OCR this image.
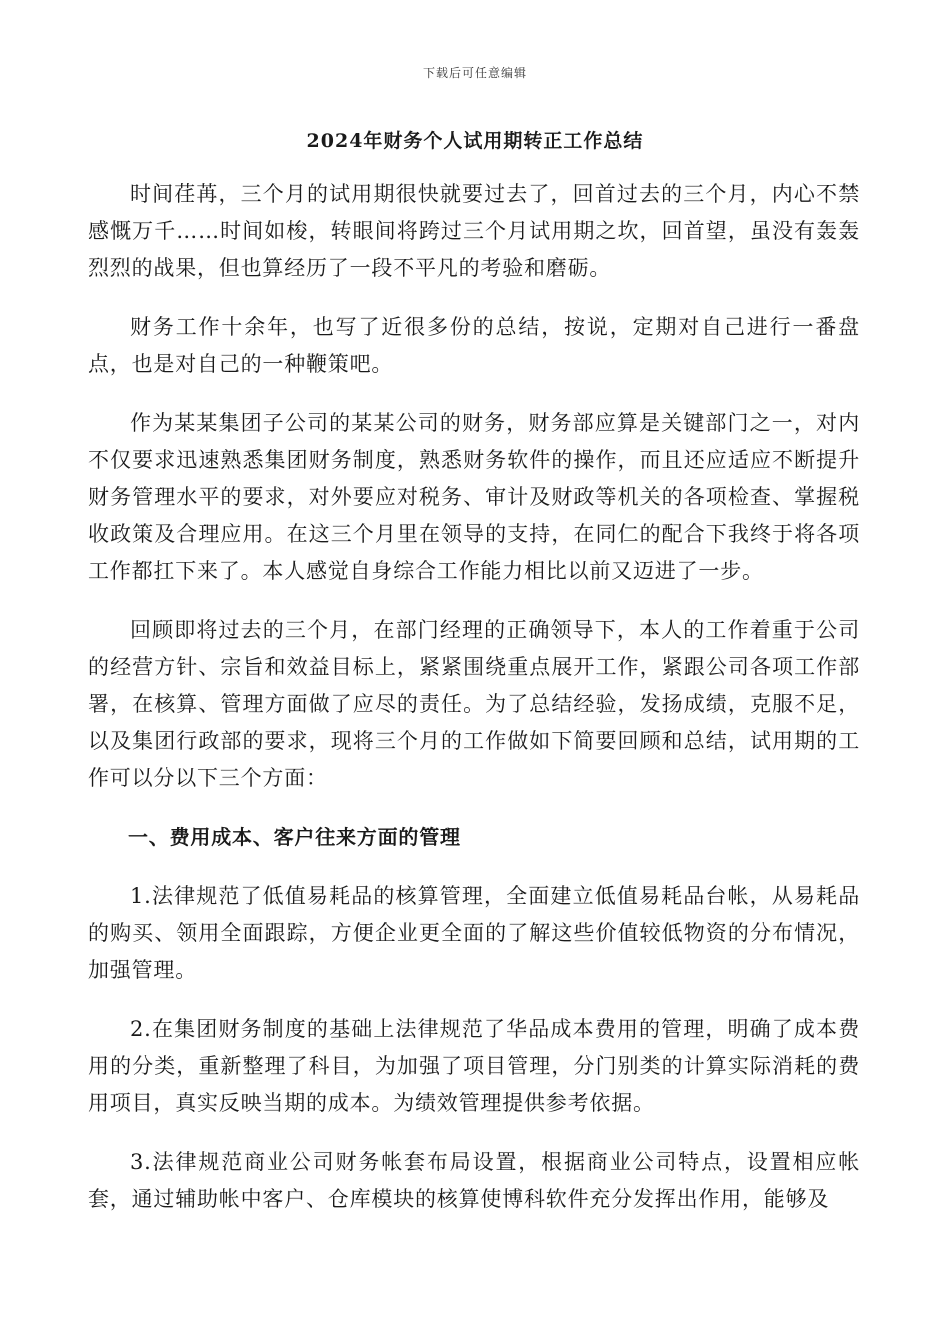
下载后可任意编辑
2024年财务个人试用期转正工作总结

时间荏苒，三个月的试用期很快就要过去了，回首过去的三个月，内心不禁感慨万千……时间如梭，转眼间将跨过三个月试用期之坎，回首望，虽没有轰轰烈烈的战果，但也算经历了一段不平凡的考验和磨砺。

财务工作十余年，也写了近很多份的总结，按说，定期对自己进行一番盘点，也是对自己的一种鞭策吧。

作为某某集团子公司的某某公司的财务，财务部应算是关键部门之一，对内不仅要求迅速熟悉集团财务制度，熟悉财务软件的操作，而且还应适应不断提升财务管理水平的要求，对外要应对税务、审计及财政等机关的各项检查、掌握税收政策及合理应用。在这三个月里在领导的支持，在同仁的配合下我终于将各项工作都扛下来了。本人感觉自身综合工作能力相比以前又迈进了一步。

回顾即将过去的三个月，在部门经理的正确领导下，本人的工作着重于公司的经营方针、宗旨和效益目标上，紧紧围绕重点展开工作，紧跟公司各项工作部署，在核算、管理方面做了应尽的责任。为了总结经验，发扬成绩，克服不足，以及集团行政部的要求，现将三个月的工作做如下简要回顾和总结，试用期的工作可以分以下三个方面：

一、费用成本、客户往来方面的管理

1.法律规范了低值易耗品的核算管理，全面建立低值易耗品台帐，从易耗品的购买、领用全面跟踪，方便企业更全面的了解这些价值较低物资的分布情况，加强管理。

2.在集团财务制度的基础上法律规范了华品成本费用的管理，明确了成本费用的分类，重新整理了科目，为加强了项目管理，分门别类的计算实际消耗的费用项目，真实反映当期的成本。为绩效管理提供参考依据。

3.法律规范商业公司财务帐套布局设置，根据商业公司特点，设置相应帐套，通过辅助帐中客户、仓库模块的核算使博科软件充分发挥出作用，能够及
